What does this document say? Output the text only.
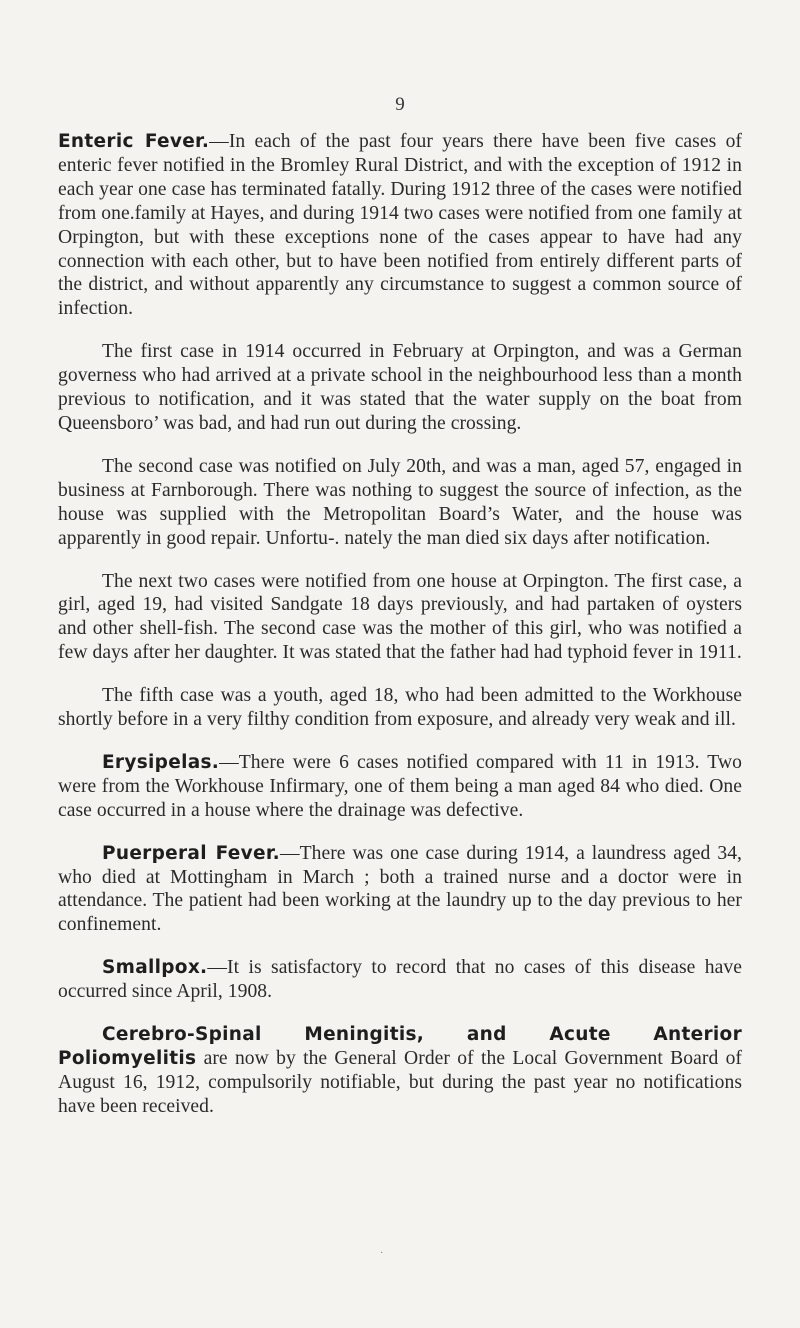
9

Enteric Fever.—In each of the past four years there have been five cases of enteric fever notified in the Bromley Rural District, and with the exception of 1912 in each year one case has terminated fatally. During 1912 three of the cases were notified from one.family at Hayes, and during 1914 two cases were notified from one family at Orpington, but with these exceptions none of the cases appear to have had any connection with each other, but to have been notified from entirely different parts of the district, and without apparently any circumstance to suggest a common source of infection.

The first case in 1914 occurred in February at Orpington, and was a German governess who had arrived at a private school in the neighbourhood less than a month previous to notification, and it was stated that the water supply on the boat from Queensboro’ was bad, and had run out during the crossing.

The second case was notified on July 20th, and was a man, aged 57, engaged in business at Farnborough. There was nothing to suggest the source of infection, as the house was supplied with the Metropolitan Board’s Water, and the house was apparently in good repair. Unfortu-. nately the man died six days after notification.

The next two cases were notified from one house at Orpington. The first case, a girl, aged 19, had visited Sandgate 18 days previously, and had partaken of oysters and other shell-fish. The second case was the mother of this girl, who was notified a few days after her daughter. It was stated that the father had had typhoid fever in 1911.

The fifth case was a youth, aged 18, who had been admitted to the Workhouse shortly before in a very filthy condition from exposure, and already very weak and ill.

Erysipelas.—There were 6 cases notified compared with 11 in 1913. Two were from the Workhouse Infirmary, one of them being a man aged 84 who died. One case occurred in a house where the drainage was defective.

Puerperal Fever.—There was one case during 1914, a laundress aged 34, who died at Mottingham in March ; both a trained nurse and a doctor were in attendance. The patient had been working at the laundry up to the day previous to her confinement.

Smallpox.—It is satisfactory to record that no cases of this disease have occurred since April, 1908.

Cerebro-Spinal Meningitis, and Acute Anterior Poliomyelitis are now by the General Order of the Local Government Board of August 16, 1912, compulsorily notifiable, but during the past year no notifications have been received.

·
